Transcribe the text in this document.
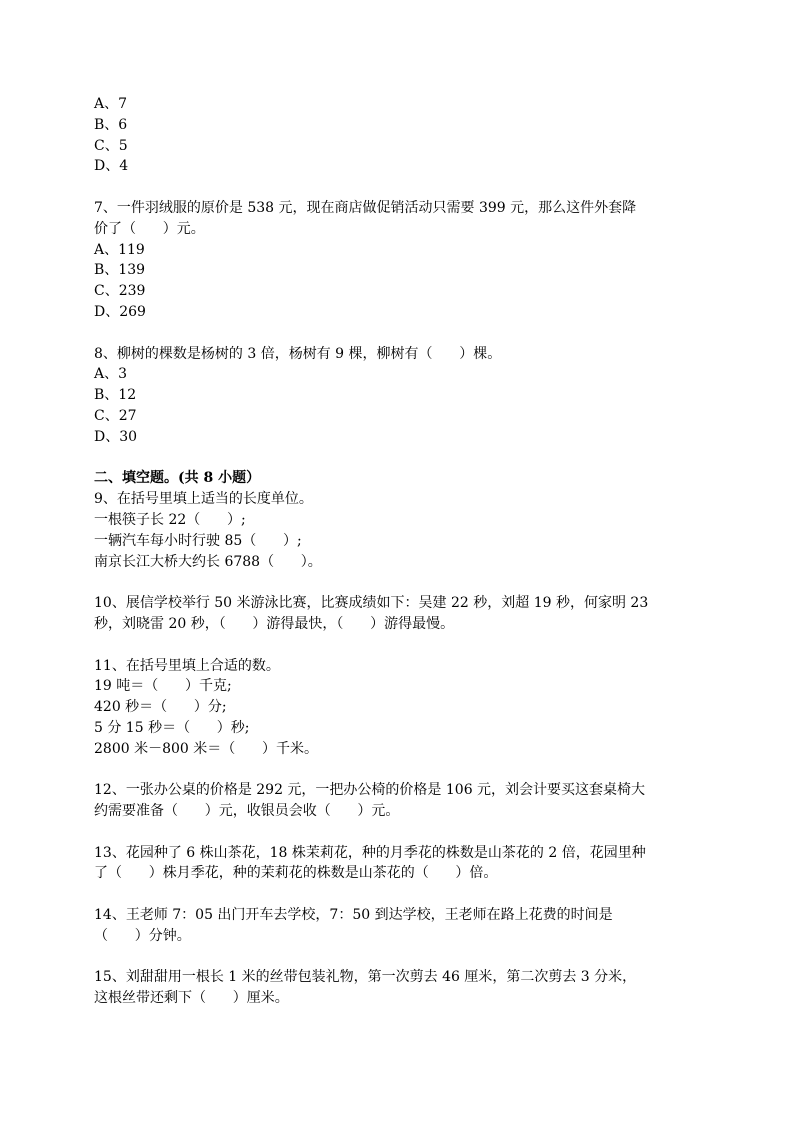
A、7
B、6
C、5
D、4
7、一件羽绒服的原价是 538 元，现在商店做促销活动只需要 399 元，那么这件外套降
价了（      ）元。
A、119
B、139
C、239
D、269
8、柳树的棵数是杨树的 3 倍，杨树有 9 棵，柳树有（      ）棵。
A、3
B、12
C、27
D、30
二、填空题。(共 8 小题）
9、在括号里填上适当的长度单位。
一根筷子长 22（      ）;
一辆汽车每小时行驶 85（      ）;
南京长江大桥大约长 6788（      ）。
10、展信学校举行 50 米游泳比赛，比赛成绩如下：吴建 22 秒，刘超 19 秒，何家明 23
秒，刘晓雷 20 秒，（      ）游得最快，（      ）游得最慢。
11、在括号里填上合适的数。
19 吨＝（      ）千克;
420 秒＝（      ）分;
5 分 15 秒＝（      ）秒;
2800 米－800 米＝（      ）千米。
12、一张办公桌的价格是 292 元，一把办公椅的价格是 106 元，刘会计要买这套桌椅大
约需要准备（      ）元，收银员会收（      ）元。
13、花园种了 6 株山茶花，18 株茉莉花，种的月季花的株数是山茶花的 2 倍，花园里种
了（      ）株月季花，种的茉莉花的株数是山茶花的（      ）倍。
14、王老师 7：05 出门开车去学校，7：50 到达学校，王老师在路上花费的时间是
（      ）分钟。
15、刘甜甜用一根长 1 米的丝带包装礼物，第一次剪去 46 厘米，第二次剪去 3 分米，
这根丝带还剩下（      ）厘米。
